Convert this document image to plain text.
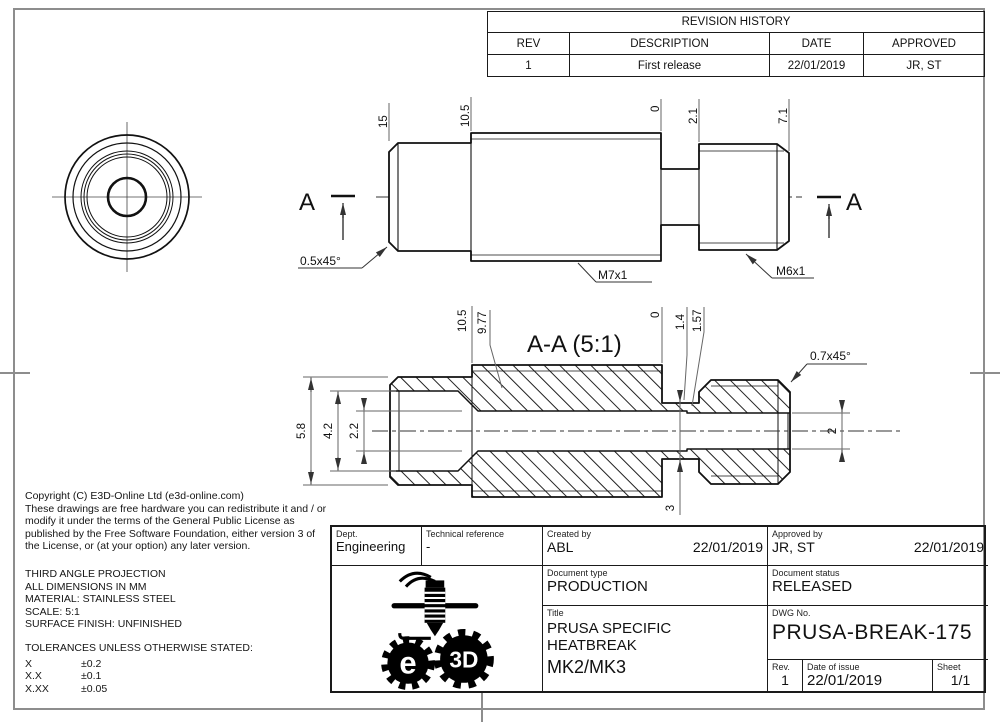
REVISION HISTORY
REV	DESCRIPTION	DATE	APPROVED
1	First release	22/01/2019	JR, ST
15	10.5	0 2.1	7.1
0.5x45°
M7x1	M6x1
A	A
A-A (5:1)
5.8 4.2 2.2	2
3
10.5 9.77	0 1.4 1.57
0.7x45°
Copyright (C) E3D-Online Ltd (e3d-online.com)
These drawings are free hardware you can redistribute it and / or
modify it under the terms of the General Public License as
published by the Free Software Foundation, either version 3 of
the License, or (at your option) any later version.
THIRD ANGLE PROJECTION
ALL DIMENSIONS IN MM
MATERIAL: STAINLESS STEEL
SCALE: 5:1
SURFACE FINISH: UNFINISHED
TOLERANCES UNLESS OTHERWISE STATED:
X	±0.2
X.X	±0.1
X.XX	±0.05
Dept.
Engineering
Technical reference
-
Created by
ABL	22/01/2019
Approved by
JR, ST	22/01/2019
e 3D
Document type
PRODUCTION
Document status
RELEASED
Title
PRUSA SPECIFIC HEATBREAK
MK2/MK3
DWG No.
PRUSA-BREAK-175
Rev.
1
Date of issue
22/01/2019
Sheet
1/1
